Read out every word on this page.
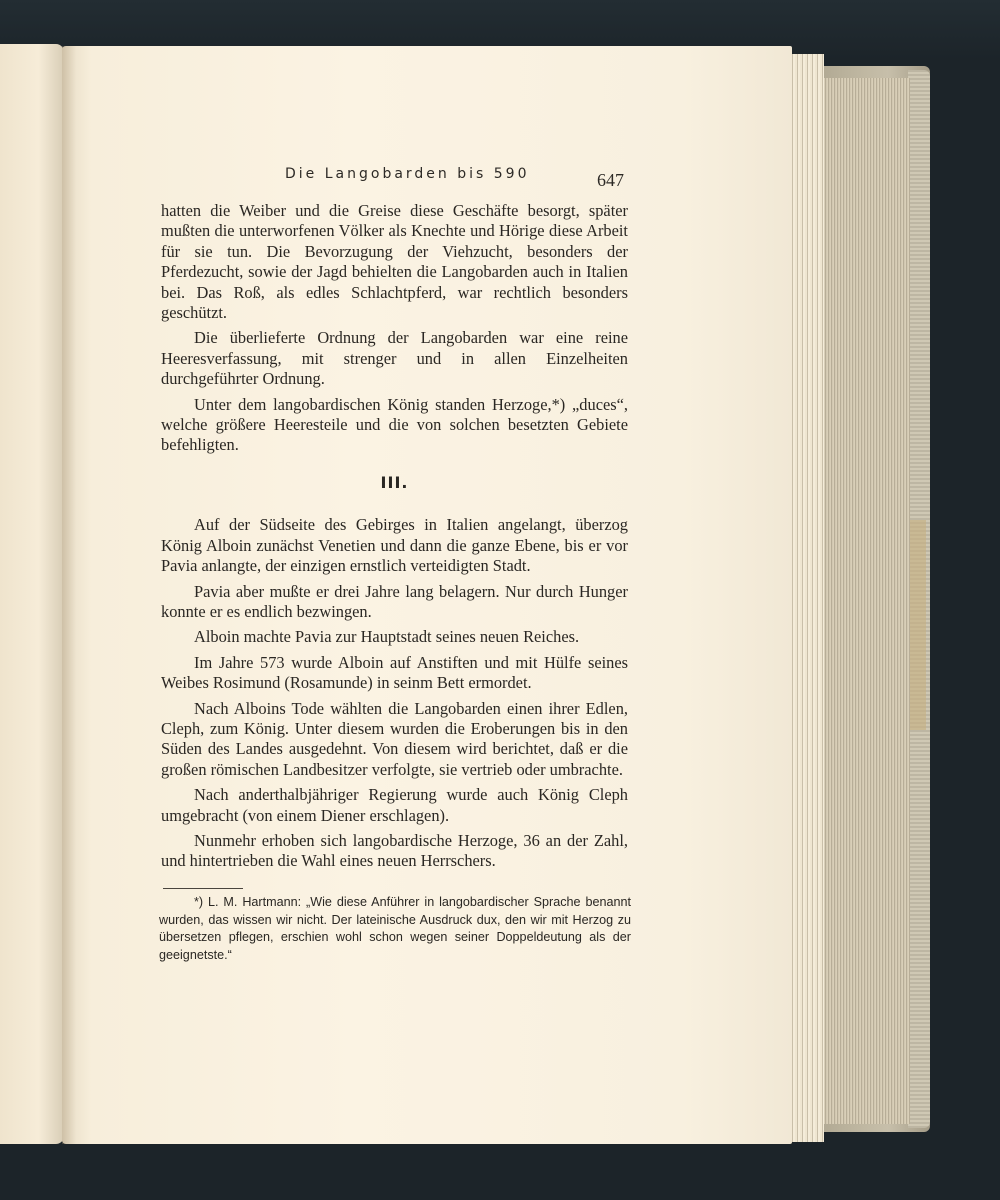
Die Langobarden bis 590	647

hatten die Weiber und die Greise diese Geschäfte besorgt, später mußten die unterworfenen Völker als Knechte und Hörige diese Arbeit für sie tun. Die Bevorzugung der Viehzucht, besonders der Pferdezucht, sowie der Jagd behielten die Langobarden auch in Italien bei. Das Roß, als edles Schlachtpferd, war rechtlich besonders geschützt.

Die überlieferte Ordnung der Langobarden war eine reine Heeresverfassung, mit strenger und in allen Einzelheiten durchgeführter Ordnung.

Unter dem langobardischen König standen Herzoge,*) „duces“, welche größere Heeresteile und die von solchen besetzten Gebiete befehligten.

III.

Auf der Südseite des Gebirges in Italien angelangt, überzog König Alboin zunächst Venetien und dann die ganze Ebene, bis er vor Pavia anlangte, der einzigen ernstlich verteidigten Stadt.

Pavia aber mußte er drei Jahre lang belagern. Nur durch Hunger konnte er es endlich bezwingen.

Alboin machte Pavia zur Hauptstadt seines neuen Reiches.

Im Jahre 573 wurde Alboin auf Anstiften und mit Hülfe seines Weibes Rosimund (Rosamunde) in seinm Bett ermordet.

Nach Alboins Tode wählten die Langobarden einen ihrer Edlen, Cleph, zum König. Unter diesem wurden die Eroberungen bis in den Süden des Landes ausgedehnt. Von diesem wird berichtet, daß er die großen römischen Landbesitzer verfolgte, sie vertrieb oder umbrachte.

Nach anderthalbjähriger Regierung wurde auch König Cleph umgebracht (von einem Diener erschlagen).

Nunmehr erhoben sich langobardische Herzoge, 36 an der Zahl, und hintertrieben die Wahl eines neuen Herrschers.

*) L. M. Hartmann: „Wie diese Anführer in langobardischer Sprache benannt wurden, das wissen wir nicht. Der lateinische Ausdruck dux, den wir mit Herzog zu übersetzen pflegen, erschien wohl schon wegen seiner Doppeldeutung als der geeignetste.“
